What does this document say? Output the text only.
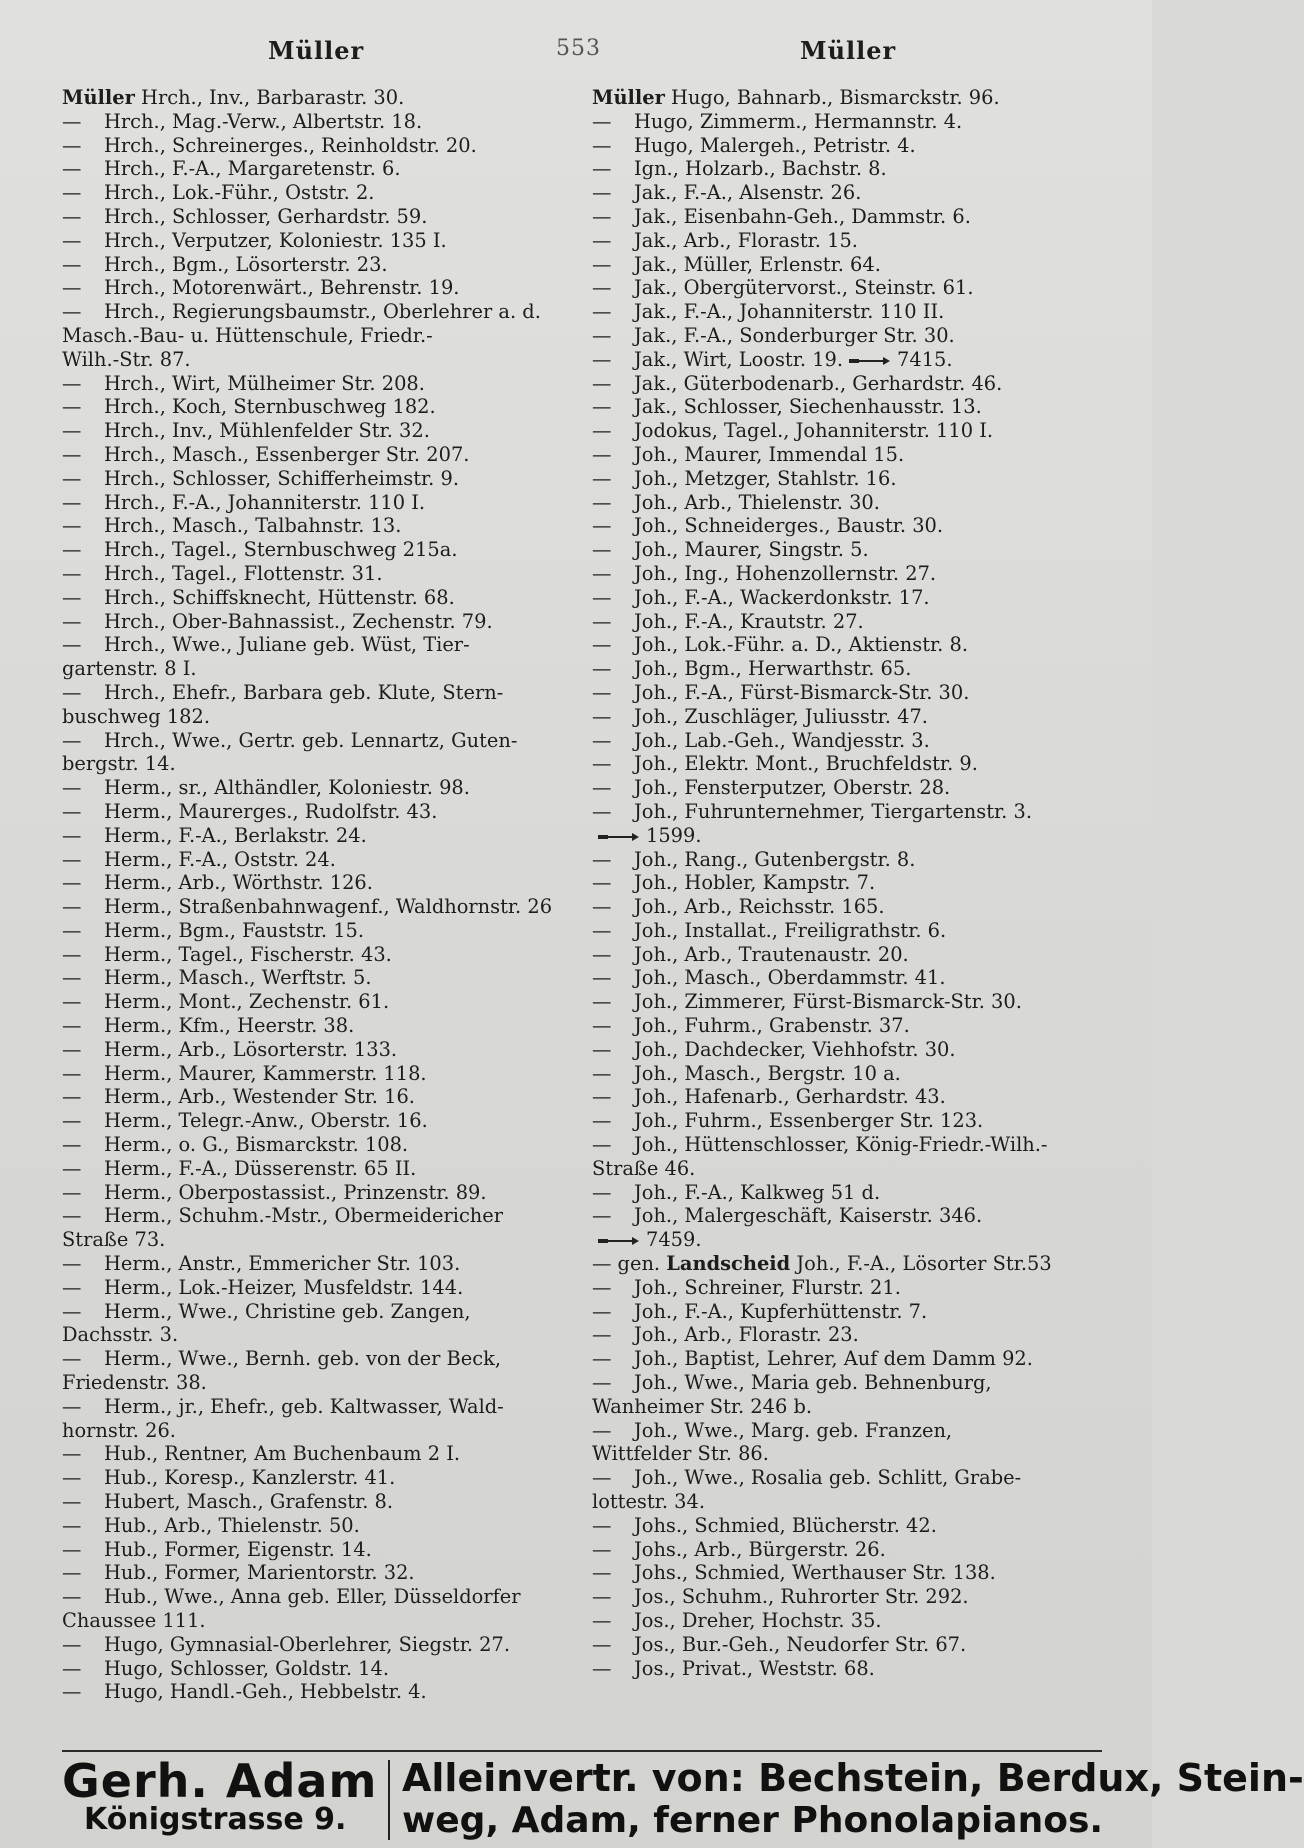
Müller	553	Müller
Müller Hrch., Inv., Barbarastr. 30.
— Hrch., Mag.-Verw., Albertstr. 18.
— Hrch., Schreinerges., Reinholdstr. 20.
— Hrch., F.-A., Margaretenstr. 6.
— Hrch., Lok.-Führ., Oststr. 2.
— Hrch., Schlosser, Gerhardstr. 59.
— Hrch., Verputzer, Koloniestr. 135 I.
— Hrch., Bgm., Lösorterstr. 23.
— Hrch., Motorenwärt., Behrenstr. 19.
— Hrch., Regierungsbaumstr., Oberlehrer a. d.
Masch.-Bau- u. Hüttenschule, Friedr.-
Wilh.-Str. 87.
— Hrch., Wirt, Mülheimer Str. 208.
— Hrch., Koch, Sternbuschweg 182.
— Hrch., Inv., Mühlenfelder Str. 32.
— Hrch., Masch., Essenberger Str. 207.
— Hrch., Schlosser, Schifferheimstr. 9.
— Hrch., F.-A., Johanniterstr. 110 I.
— Hrch., Masch., Talbahnstr. 13.
— Hrch., Tagel., Sternbuschweg 215a.
— Hrch., Tagel., Flottenstr. 31.
— Hrch., Schiffsknecht, Hüttenstr. 68.
— Hrch., Ober-Bahnassist., Zechenstr. 79.
— Hrch., Wwe., Juliane geb. Wüst, Tier-
gartenstr. 8 I.
— Hrch., Ehefr., Barbara geb. Klute, Stern-
buschweg 182.
— Hrch., Wwe., Gertr. geb. Lennartz, Guten-
bergstr. 14.
— Herm., sr., Althändler, Koloniestr. 98.
— Herm., Maurerges., Rudolfstr. 43.
— Herm., F.-A., Berlakstr. 24.
— Herm., F.-A., Oststr. 24.
— Herm., Arb., Wörthstr. 126.
— Herm., Straßenbahnwagenf., Waldhornstr. 26
— Herm., Bgm., Fauststr. 15.
— Herm., Tagel., Fischerstr. 43.
— Herm., Masch., Werftstr. 5.
— Herm., Mont., Zechenstr. 61.
— Herm., Kfm., Heerstr. 38.
— Herm., Arb., Lösorterstr. 133.
— Herm., Maurer, Kammerstr. 118.
— Herm., Arb., Westender Str. 16.
— Herm., Telegr.-Anw., Oberstr. 16.
— Herm., o. G., Bismarckstr. 108.
— Herm., F.-A., Düsserenstr. 65 II.
— Herm., Oberpostassist., Prinzenstr. 89.
— Herm., Schuhm.-Mstr., Obermeidericher
Straße 73.
— Herm., Anstr., Emmericher Str. 103.
— Herm., Lok.-Heizer, Musfeldstr. 144.
— Herm., Wwe., Christine geb. Zangen,
Dachsstr. 3.
— Herm., Wwe., Bernh. geb. von der Beck,
Friedenstr. 38.
— Herm., jr., Ehefr., geb. Kaltwasser, Wald-
hornstr. 26.
— Hub., Rentner, Am Buchenbaum 2 I.
— Hub., Koresp., Kanzlerstr. 41.
— Hubert, Masch., Grafenstr. 8.
— Hub., Arb., Thielenstr. 50.
— Hub., Former, Eigenstr. 14.
— Hub., Former, Marientorstr. 32.
— Hub., Wwe., Anna geb. Eller, Düsseldorfer
Chaussee 111.
— Hugo, Gymnasial-Oberlehrer, Siegstr. 27.
— Hugo, Schlosser, Goldstr. 14.
— Hugo, Handl.-Geh., Hebbelstr. 4.
Müller Hugo, Bahnarb., Bismarckstr. 96.
— Hugo, Zimmerm., Hermannstr. 4.
— Hugo, Malergeh., Petristr. 4.
— Ign., Holzarb., Bachstr. 8.
— Jak., F.-A., Alsenstr. 26.
— Jak., Eisenbahn-Geh., Dammstr. 6.
— Jak., Arb., Florastr. 15.
— Jak., Müller, Erlenstr. 64.
— Jak., Obergütervorst., Steinstr. 61.
— Jak., F.-A., Johanniterstr. 110 II.
— Jak., F.-A., Sonderburger Str. 30.
— Jak., Wirt, Loostr. 19.	7415.
— Jak., Güterbodenarb., Gerhardstr. 46.
— Jak., Schlosser, Siechenhausstr. 13.
— Jodokus, Tagel., Johanniterstr. 110 I.
— Joh., Maurer, Immendal 15.
— Joh., Metzger, Stahlstr. 16.
— Joh., Arb., Thielenstr. 30.
— Joh., Schneiderges., Baustr. 30.
— Joh., Maurer, Singstr. 5.
— Joh., Ing., Hohenzollernstr. 27.
— Joh., F.-A., Wackerdonkstr. 17.
— Joh., F.-A., Krautstr. 27.
— Joh., Lok.-Führ. a. D., Aktienstr. 8.
— Joh., Bgm., Herwarthstr. 65.
— Joh., F.-A., Fürst-Bismarck-Str. 30.
— Joh., Zuschläger, Juliusstr. 47.
— Joh., Lab.-Geh., Wandjesstr. 3.
— Joh., Elektr. Mont., Bruchfeldstr. 9.
— Joh., Fensterputzer, Oberstr. 28.
— Joh., Fuhrunternehmer, Tiergartenstr. 3.
1599.
— Joh., Rang., Gutenbergstr. 8.
— Joh., Hobler, Kampstr. 7.
— Joh., Arb., Reichsstr. 165.
— Joh., Installat., Freiligrathstr. 6.
— Joh., Arb., Trautenaustr. 20.
— Joh., Masch., Oberdammstr. 41.
— Joh., Zimmerer, Fürst-Bismarck-Str. 30.
— Joh., Fuhrm., Grabenstr. 37.
— Joh., Dachdecker, Viehhofstr. 30.
— Joh., Masch., Bergstr. 10 a.
— Joh., Hafenarb., Gerhardstr. 43.
— Joh., Fuhrm., Essenberger Str. 123.
— Joh., Hüttenschlosser, König-Friedr.-Wilh.-
Straße 46.
— Joh., F.-A., Kalkweg 51 d.
— Joh., Malergeschäft, Kaiserstr. 346.
7459.
— gen. Landscheid Joh., F.-A., Lösorter Str.53
— Joh., Schreiner, Flurstr. 21.
— Joh., F.-A., Kupferhüttenstr. 7.
— Joh., Arb., Florastr. 23.
— Joh., Baptist, Lehrer, Auf dem Damm 92.
— Joh., Wwe., Maria geb. Behnenburg,
Wanheimer Str. 246 b.
— Joh., Wwe., Marg. geb. Franzen,
Wittfelder Str. 86.
— Joh., Wwe., Rosalia geb. Schlitt, Grabe-
lottestr. 34.
— Johs., Schmied, Blücherstr. 42.
— Johs., Arb., Bürgerstr. 26.
— Johs., Schmied, Werthauser Str. 138.
— Jos., Schuhm., Ruhrorter Str. 292.
— Jos., Dreher, Hochstr. 35.
— Jos., Bur.-Geh., Neudorfer Str. 67.
— Jos., Privat., Weststr. 68.
Gerh. Adam
Königstrasse 9.
Alleinvertr. von: Bechstein, Berdux, Stein-
weg, Adam, ferner Phonolapianos.
